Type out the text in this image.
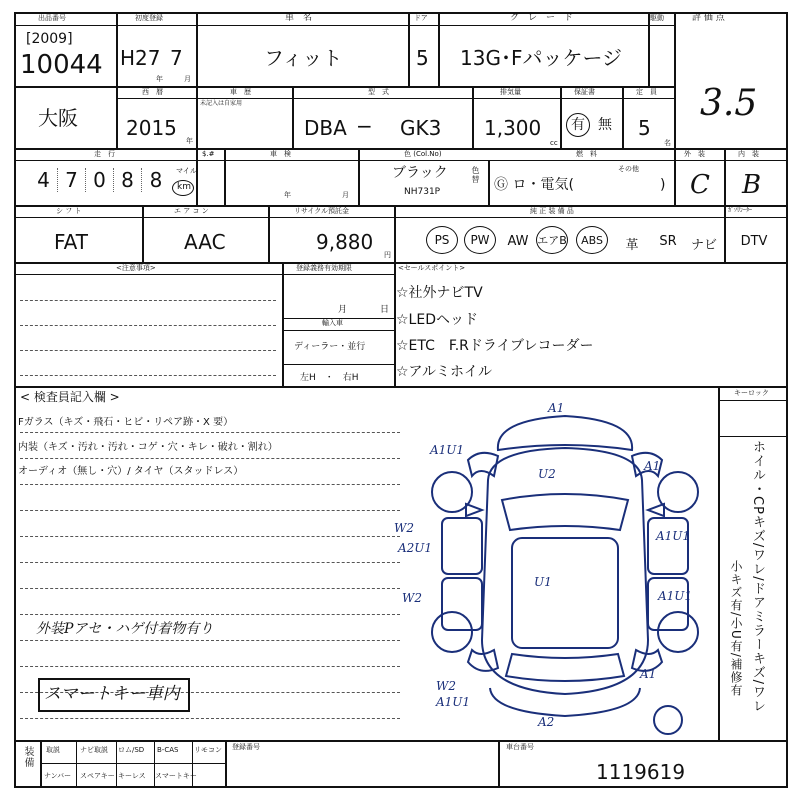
出品番号
[2009]
10044
初度登録
H27 7
年	月
車　名
フィット
ドア
5
グ　レ　ー　ド
13G･Fパッケージ
駆動	評 価 点
3.5
大阪
西　暦
2015
年
車　歴
未記入は自家用
型　式
DBA − GK3
排気量
1,300
cc
保証書
有 無
定　員
5
名
走　行
4 7 0 8 8	マイル
km
$.#	車　検
年	月
色 (Col.No)
ブラック
NH731P
色替
燃　料
Ⓖ ロ・電気(
その他
)
外　装
C
内　装
B
シ フ ト
FAT
エ ア コ ン
AAC
リサイクル預託金
9,880
円
純 正 装 備 品	ｶﾞｿﾘﾝｰﾀｰ
PS	PW	AW エアB	ABS	革	SR	ナビ	DTV
<注意事項>	登録義務有効期限
月	日
輸入車
ディーラー・並行
左H　・　右H
<セールスポイント>
☆社外ナビTV
☆LEDヘッド
☆ETC　F.Rドライブレコーダー
☆アルミホイル
< 検査員記入欄 >
Fガラス（キズ・飛石・ヒビ・リペア跡・X 要）
内装（キズ・汚れ・汚れ・コゲ・穴・キレ・破れ・割れ）
オーディオ（無し・穴）/ タイヤ（スタッドレス）
外装Pアセ・ハゲ付着物有り
スマートキー車内
キーロック
ホイル・CPキズ/ワレ/ドアミラーキズ/ワレ
小キズ有/小U有/補修有
A1
U2
A1U1
A1
W2
A2U1
A1U1
U1
W2	A1U1
A1
W2
A1U1
A2
装備 取説	ナビ取説 ロム/SD B-CAS リモコン
ナンバー スペアキー キーレス スマートキー
登録番号	車台番号
1119619
